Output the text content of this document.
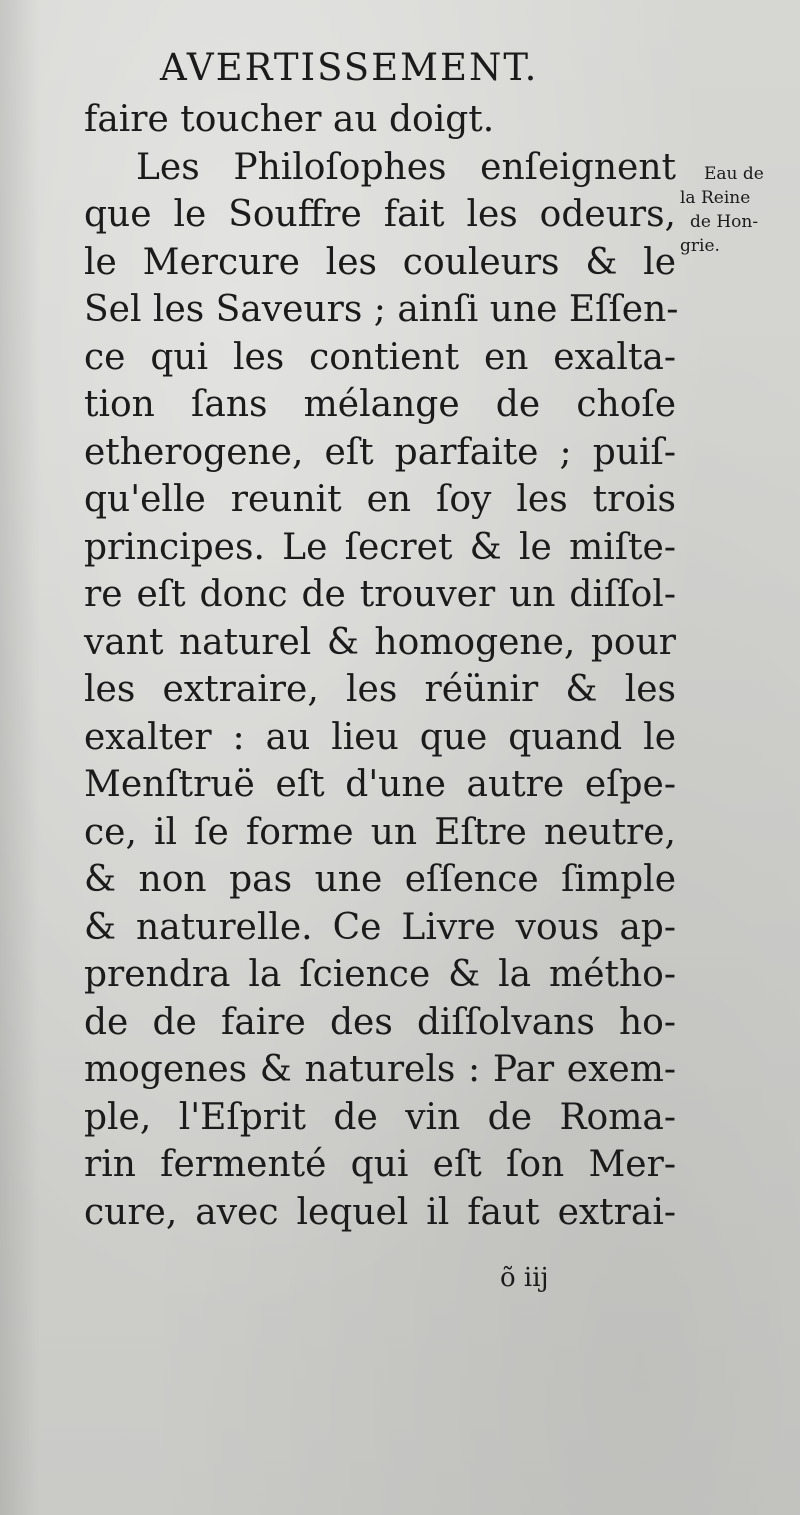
AVERTISSEMENT.
faire toucher au doigt.
Les Philoſophes enſeignent
que le Souffre fait les odeurs,
le Mercure les couleurs & le
Sel les Saveurs ; ainſi une Eſſen-
ce qui les contient en exalta-
tion ſans mélange de choſe
etherogene, eſt parfaite ; puiſ-
qu'elle reunit en ſoy les trois
principes. Le ſecret & le miſte-
re eſt donc de trouver un diſſol-
vant naturel & homogene, pour
les extraire, les réünir & les
exalter : au lieu que quand le
Menſtruë eſt d'une autre eſpe-
ce, il ſe forme un Eſtre neutre,
& non pas une eſſence ſimple
& naturelle. Ce Livre vous ap-
prendra la ſcience & la métho-
de de faire des diſſolvans ho-
mogenes & naturels : Par exem-
ple, l'Eſprit de vin de Roma-
rin fermenté qui eſt ſon Mer-
cure, avec lequel il faut extrai-
Eau de
la Reine
de Hon-
grie.
õ iij
